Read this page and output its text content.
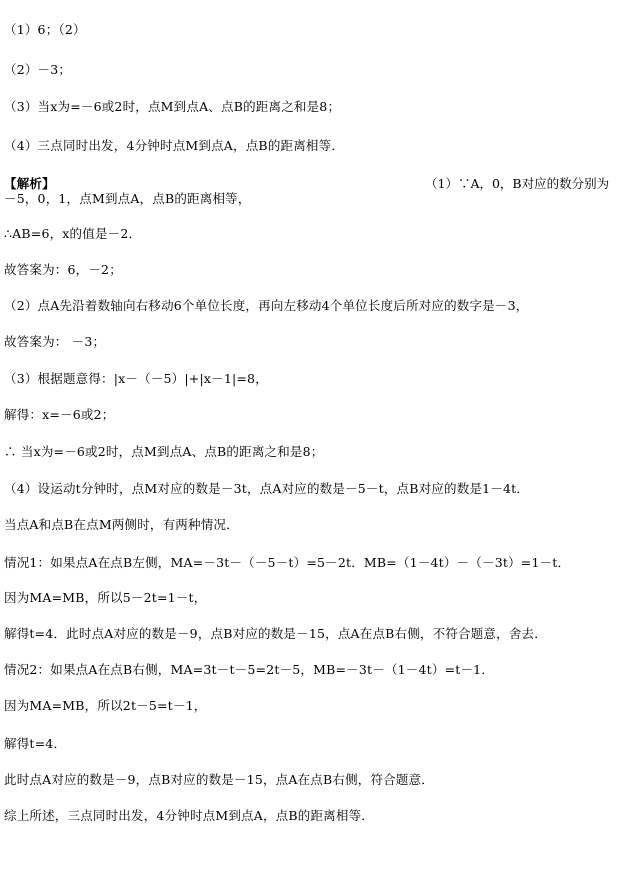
（1）6；（2）
（2）－3；
（3）当x为=－6或2时，点M到点A、点B的距离之和是8；
（4）三点同时出发，4分钟时点M到点A，点B的距离相等．
【解析】	（1）∵A，0，B对应的数分别为
－5，0，1，点M到点A，点B的距离相等，
∴AB=6，x的值是－2．
故答案为：6，－2；
（2）点A先沿着数轴向右移动6个单位长度，再向左移动4个单位长度后所对应的数字是－3，
故答案为： －3；
（3）根据题意得：|x－（－5）|+|x－1|=8，
解得：x=－6或2；
∴ 当x为=－6或2时，点M到点A、点B的距离之和是8；
（4）设运动t分钟时，点M对应的数是－3t，点A对应的数是－5－t，点B对应的数是1－4t．
当点A和点B在点M两侧时，有两种情况．
情况1：如果点A在点B左侧，MA=－3t－（－5－t）=5－2t．MB=（1－4t）－（－3t）=1－t．
因为MA=MB，所以5－2t=1－t，
解得t=4．此时点A对应的数是－9，点B对应的数是－15，点A在点B右侧，不符合题意，舍去．
情况2：如果点A在点B右侧，MA=3t－t－5=2t－5，MB=－3t－（1－4t）=t－1．
因为MA=MB，所以2t－5=t－1，
解得t=4．
此时点A对应的数是－9，点B对应的数是－15，点A在点B右侧，符合题意．
综上所述，三点同时出发，4分钟时点M到点A，点B的距离相等．
